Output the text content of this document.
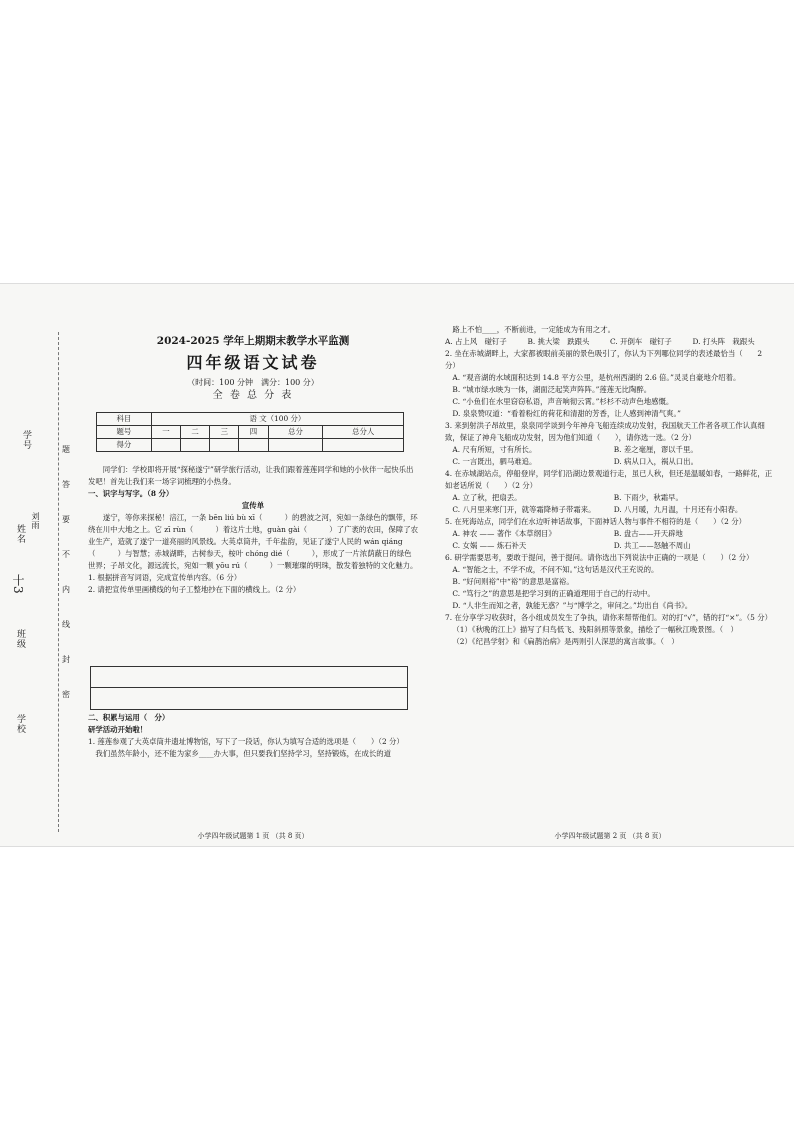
学校
班级
十3
姓名
刘雨
学号	题
答
要
不
内
线
封
密
2024-2025 学年上期期末教学水平监测
四年级语文试卷
（时间：100 分钟　满分：100 分）
全 卷 总 分 表
科目	语 文（100 分）					
题号	一	二	三	四	总分	总分人
得分						

同学们：学校即将开展“探秘遂宁”研学旅行活动，让我们跟着莲莲同学和她的小伙伴一起快乐出发吧！首先让我们来一场字词梳理的小热身。

一、识字与写字。（8 分）

宣传单

遂宁，等你来探秘！涪江，一条 bēn liú bù xī（　　　）的碧波之河，宛如一条绿色的飘带，环绕在川中大地之上。它 zī rùn（　　　）着这片土地，guàn gài（　　　）了广袤的农田，保障了农业生产，造就了遂宁一道亮丽的风景线。大英卓筒井，千年盐韵，见证了遂宁人民的 wán qiáng（　　　）与智慧；赤城湖畔，古树参天，桉叶 chóng dié（　　　），形成了一片浓荫蔽日的绿色世界；子昂文化，源远流长，宛如一颗 yōu rú（　　　）一颗璀璨的明珠，散发着独特的文化魅力。

1. 根据拼音写词语，完成宣传单内容。（6 分）

2. 请把宣传单里画横线的句子工整地抄在下面的横线上。（2 分）

二、积累与运用（　分）

研学活动开始啦！

1. 莲莲参观了大英卓筒井遗址博物馆，写下了一段话，你认为填写合适的选项是（　　）（2 分）

我们虽然年龄小，还不能为家乡____办大事，但只要我们坚持学习，坚持锻炼，在成长的道

小学四年级试题第 1 页 （共 8 页）

路上不怕____，不断前进，一定能成为有用之才。

A. 占上风　碰钉子	B. 挑大梁　跌跟头	C. 开倒车　碰钉子	D. 打头阵　栽跟头

2. 坐在赤城湖畔上，大家都被眼前美丽的景色吸引了，你认为下列哪位同学的表述最恰当（　　2 分）

A. “观音湖的水域面积达到 14.8 平方公里，是杭州西湖的 2.6 倍。”灵灵自豪地介绍着。

B. “城市绿水映为一体，湖面泛起笑声阵阵。”莲莲无比陶醉。

C. “小鱼们在水里窃窃私语，声音响彻云霄。”杉杉不动声色地感慨。

D. 泉泉赞叹道：“看着粉红的荷花和清甜的芳香，让人感到神清气爽。”

3. 来到射洪子昂故里，泉泉同学谈到今年神舟飞船连续成功发射，我国航天工作者各项工作认真细致，保证了神舟飞船成功发射，因为他们知道（　　），请你选一选。（2 分）

A. 尺有所短，寸有所长。	B. 差之毫厘，谬以千里。
C. 一言既出，驷马难追。	D. 病从口入，祸从口出。

4. 在赤城湖站点，停船登岸，同学们沿湖边景观道行走，虽已人秋，但还是温暖如春，一路鲜花，正如老话所说（　　）（2 分）

A. 立了秋，把扇丢。	B. 下雨少，秋霜早。
C. 八月里来寒门开，就等霜降柿子带霜来。	D. 八月暖，九月温，十月还有小阳春。

5. 在死海站点，同学们在水边听神话故事，下面神话人物与事件不相符的是（　　）（2 分）

A. 神农 —— 著作《本草纲目》	B. 盘古——开天辟地
C. 女娲 —— 炼石补天	D. 共工——怒触不周山

6. 研学需要思考，要敢于提问，善于提问。请你选出下列说法中正确的一项是（　　）（2 分）

A. “智能之士，不学不成，不问不知。”这句话是汉代王充说的。

B. “好问则裕”中“裕”的意思是富裕。

C. “笃行之”的意思是把学习到的正确道理用于自己的行动中。

D. “人非生而知之者，孰能无惑？”与“博学之，审问之。”均出自《尚书》。

7. 在分享学习收获时，各小组成员发生了争执，请你来帮帮他们。对的打“√”，错的打“×”。（5 分）

（1）《秋晚的江上》描写了归鸟低飞、残阳斜照等景象，描绘了一幅秋江晚景图。（　）

（2）《纪昌学射》和《扁鹊治病》是两则引人深思的寓言故事。（　）

小学四年级试题第 2 页 （共 8 页）
